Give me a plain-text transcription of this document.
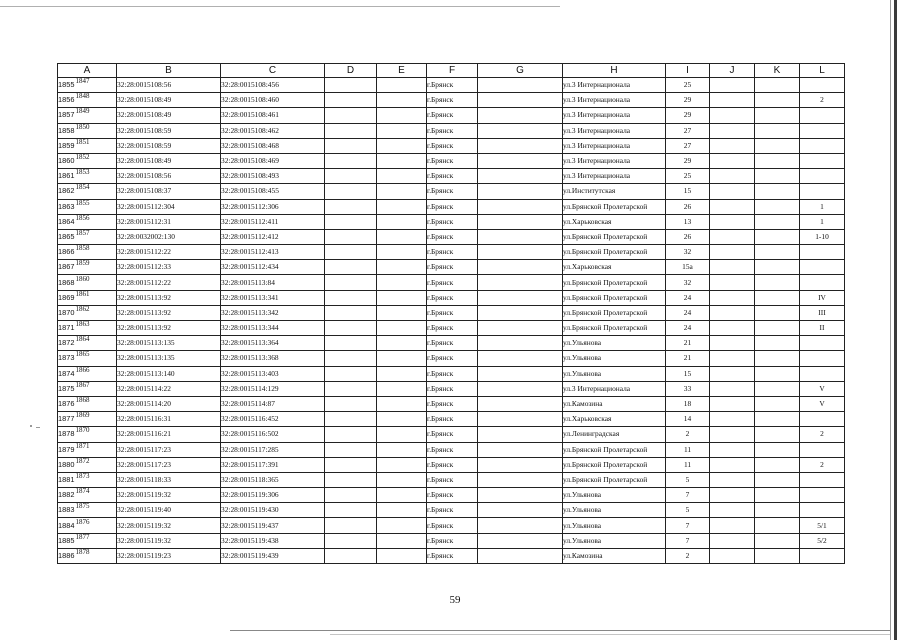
A	B	C	D	E	F	G	H	I	J	K	L
18551847	32:28:0015108:56	32:28:0015108:456			г.Брянск		ул.3 Интернационала	25			
18561848	32:28:0015108:49	32:28:0015108:460			г.Брянск		ул.3 Интернационала	29			2
18571849	32:28:0015108:49	32:28:0015108:461			г.Брянск		ул.3 Интернационала	29			
18581850	32:28:0015108:59	32:28:0015108:462			г.Брянск		ул.3 Интернационала	27			
18591851	32:28:0015108:59	32:28:0015108:468			г.Брянск		ул.3 Интернационала	27			
18601852	32:28:0015108:49	32:28:0015108:469			г.Брянск		ул.3 Интернационала	29			
18611853	32:28:0015108:56	32:28:0015108:493			г.Брянск		ул.3 Интернационала	25			
18621854	32:28:0015108:37	32:28:0015108:455			г.Брянск		ул.Институтская	15			
18631855	32:28:0015112:304	32:28:0015112:306			г.Брянск		ул.Брянской Пролетарской	26			1
18641856	32:28:0015112:31	32:28:0015112:411			г.Брянск		ул.Харьковская	13			1
18651857	32:28:0032002:130	32:28:0015112:412			г.Брянск		ул.Брянской Пролетарской	26			1-10
18661858	32:28:0015112:22	32:28:0015112:413			г.Брянск		ул.Брянской Пролетарской	32			
18671859	32:28:0015112:33	32:28:0015112:434			г.Брянск		ул.Харьковская	15а			
18681860	32:28:0015112:22	32:28:0015113:84			г.Брянск		ул.Брянской Пролетарской	32			
18691861	32:28:0015113:92	32:28:0015113:341			г.Брянск		ул.Брянской Пролетарской	24			IV
18701862	32:28:0015113:92	32:28:0015113:342			г.Брянск		ул.Брянской Пролетарской	24			III
18711863	32:28:0015113:92	32:28:0015113:344			г.Брянск		ул.Брянской Пролетарской	24			II
18721864	32:28:0015113:135	32:28:0015113:364			г.Брянск		ул.Ульянова	21			
18731865	32:28:0015113:135	32:28:0015113:368			г.Брянск		ул.Ульянова	21			
18741866	32:28:0015113:140	32:28:0015113:403			г.Брянск		ул.Ульянова	15			
18751867	32:28:0015114:22	32:28:0015114:129			г.Брянск		ул.3 Интернационала	33			V
18761868	32:28:0015114:20	32:28:0015114:87			г.Брянск		ул.Камозина	18			V
18771869	32:28:0015116:31	32:28:0015116:452			г.Брянск		ул.Харьковская	14			
18781870	32:28:0015116:21	32:28:0015116:502			г.Брянск		ул.Ленинградская	2			2
18791871	32:28:0015117:23	32:28:0015117:285			г.Брянск		ул.Брянской Пролетарской	11			
18801872	32:28:0015117:23	32:28:0015117:391			г.Брянск		ул.Брянской Пролетарской	11			2
18811873	32:28:0015118:33	32:28:0015118:365			г.Брянск		ул.Брянской Пролетарской	5			
18821874	32:28:0015119:32	32:28:0015119:306			г.Брянск		ул.Ульянова	7			
18831875	32:28:0015119:40	32:28:0015119:430			г.Брянск		ул.Ульянова	5			
18841876	32:28:0015119:32	32:28:0015119:437			г.Брянск		ул.Ульянова	7			5/1
18851877	32:28:0015119:32	32:28:0015119:438			г.Брянск		ул.Ульянова	7			5/2
18861878	32:28:0015119:23	32:28:0015119:439			г.Брянск		ул.Камозина	2			
59
